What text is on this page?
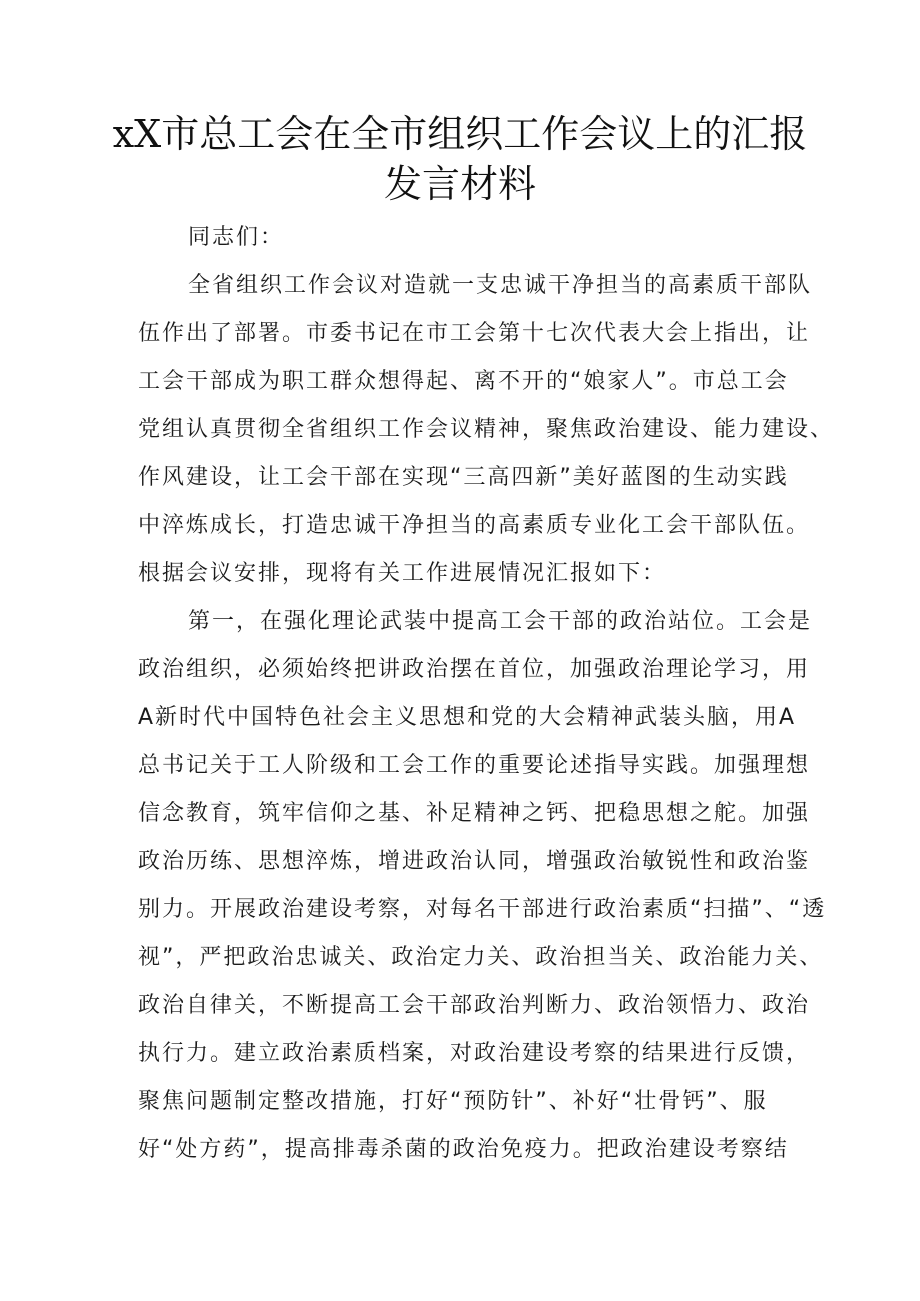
xX市总工会在全市组织工作会议上的汇报
发言材料
同志们：
全省组织工作会议对造就一支忠诚干净担当的高素质干部队
伍作出了部署。市委书记在市工会第十七次代表大会上指出，让
工会干部成为职工群众想得起、离不开的“娘家人”。市总工会
党组认真贯彻全省组织工作会议精神，聚焦政治建设、能力建设、
作风建设，让工会干部在实现“三高四新”美好蓝图的生动实践
中淬炼成长，打造忠诚干净担当的高素质专业化工会干部队伍。
根据会议安排，现将有关工作进展情况汇报如下：
第一，在强化理论武装中提高工会干部的政治站位。工会是
政治组织，必须始终把讲政治摆在首位，加强政治理论学习，用
A新时代中国特色社会主义思想和党的大会精神武装头脑，用A
总书记关于工人阶级和工会工作的重要论述指导实践。加强理想
信念教育，筑牢信仰之基、补足精神之钙、把稳思想之舵。加强
政治历练、思想淬炼，增进政治认同，增强政治敏锐性和政治鉴
别力。开展政治建设考察，对每名干部进行政治素质“扫描”、“透
视”，严把政治忠诚关、政治定力关、政治担当关、政治能力关、
政治自律关，不断提高工会干部政治判断力、政治领悟力、政治
执行力。建立政治素质档案，对政治建设考察的结果进行反馈，
聚焦问题制定整改措施，打好“预防针”、补好“壮骨钙”、服
好“处方药”，提高排毒杀菌的政治免疫力。把政治建设考察结
